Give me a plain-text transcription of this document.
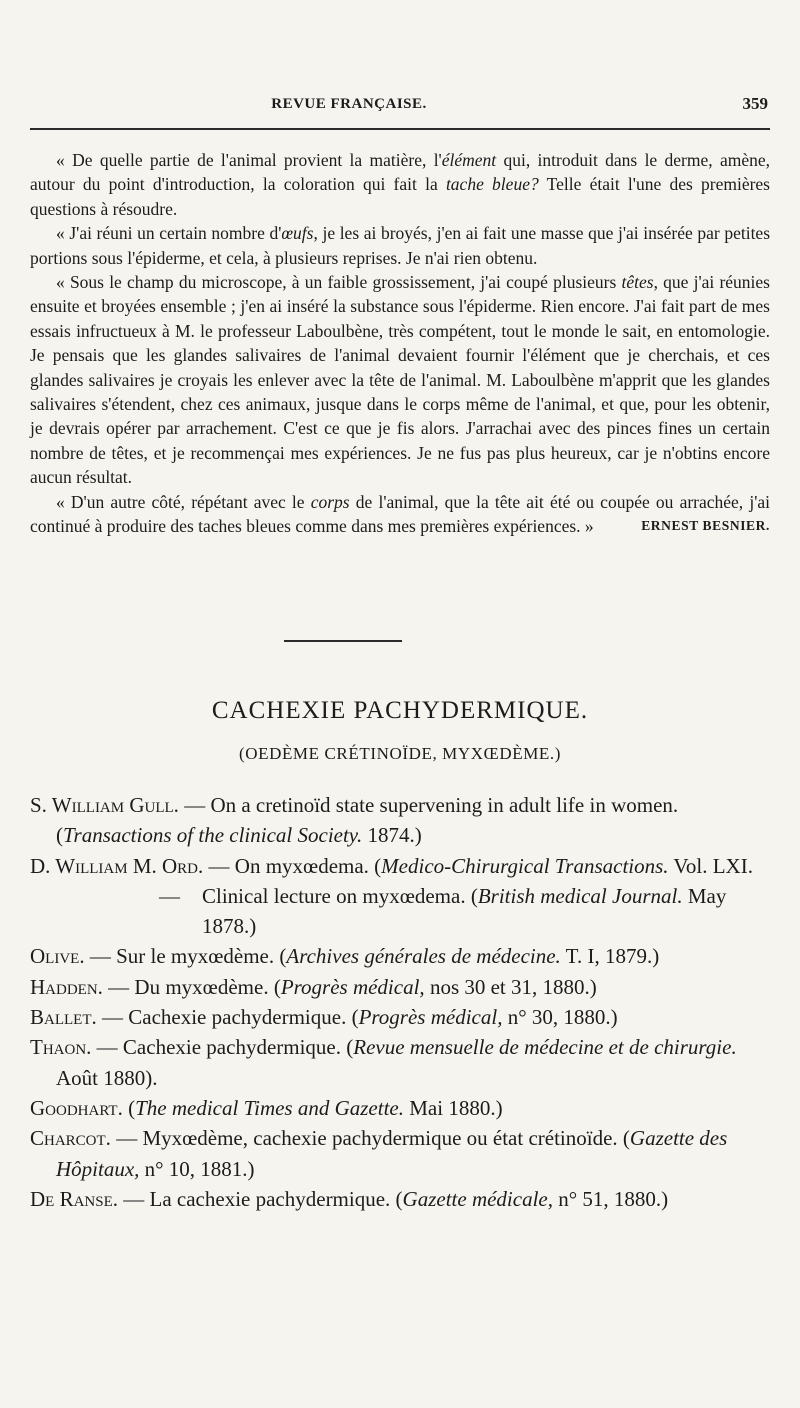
REVUE FRANÇAISE.	359

« De quelle partie de l'animal provient la matière, l'élément qui, introduit dans le derme, amène, autour du point d'introduction, la coloration qui fait la tache bleue? Telle était l'une des premières questions à résoudre.

« J'ai réuni un certain nombre d'œufs, je les ai broyés, j'en ai fait une masse que j'ai insérée par petites portions sous l'épiderme, et cela, à plusieurs reprises. Je n'ai rien obtenu.

« Sous le champ du microscope, à un faible grossissement, j'ai coupé plusieurs têtes, que j'ai réunies ensuite et broyées ensemble ; j'en ai inséré la substance sous l'épiderme. Rien encore. J'ai fait part de mes essais infructueux à M. le professeur Laboulbène, très compétent, tout le monde le sait, en entomologie. Je pensais que les glandes salivaires de l'animal devaient fournir l'élément que je cherchais, et ces glandes salivaires je croyais les enlever avec la tête de l'animal. M. Laboulbène m'apprit que les glandes salivaires s'étendent, chez ces animaux, jusque dans le corps même de l'animal, et que, pour les obtenir, je devrais opérer par arrachement. C'est ce que je fis alors. J'arrachai avec des pinces fines un certain nombre de têtes, et je recommençai mes expériences. Je ne fus pas plus heureux, car je n'obtins encore aucun résultat.

« D'un autre côté, répétant avec le corps de l'animal, que la tête ait été ou coupée ou arrachée, j'ai continué à produire des taches bleues comme dans mes premières expériences. »	ERNEST BESNIER.

CACHEXIE PACHYDERMIQUE.
(OEDÈME CRÉTINOÏDE, MYXŒDÈME.)

S. William Gull. — On a cretinoïd state supervening in adult life in women. (Transactions of the clinical Society. 1874.)

D. William M. Ord. — On myxœdema. (Medico-Chirurgical Transactions. Vol. LXI.

— Clinical lecture on myxœdema. (British medical Journal. May 1878.)

Olive. — Sur le myxœdème. (Archives générales de médecine. T. I, 1879.)

Hadden. — Du myxœdème. (Progrès médical, nos 30 et 31, 1880.)

Ballet. — Cachexie pachydermique. (Progrès médical, n° 30, 1880.)

Thaon. — Cachexie pachydermique. (Revue mensuelle de médecine et de chirurgie. Août 1880).

Goodhart. (The medical Times and Gazette. Mai 1880.)

Charcot. — Myxœdème, cachexie pachydermique ou état crétinoïde. (Gazette des Hôpitaux, n° 10, 1881.)

De Ranse. — La cachexie pachydermique. (Gazette médicale, n° 51, 1880.)
